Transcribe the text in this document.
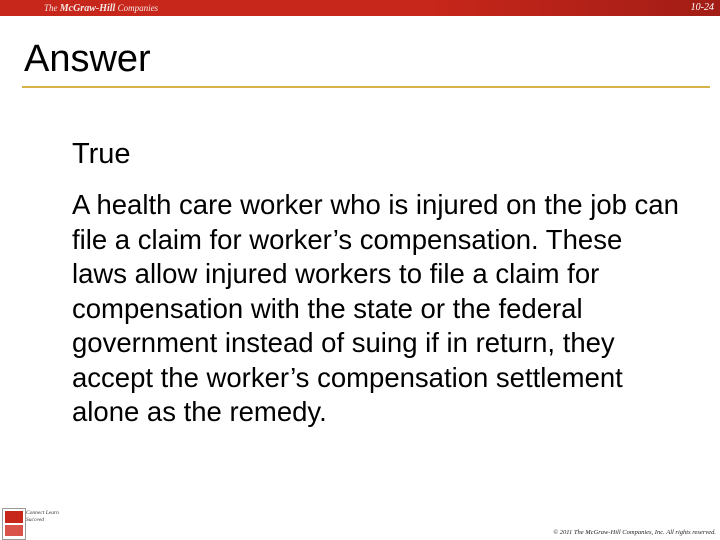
The McGraw-Hill Companies	10-24
Answer
True
A health care worker who is injured on the job can file a claim for worker’s compensation. These laws allow injured workers to file a claim for compensation with the state or the federal government instead of suing if in return, they accept the worker’s compensation settlement alone as the remedy.
Connect Learn Succeed
© 2011 The McGraw-Hill Companies, Inc. All rights reserved.
